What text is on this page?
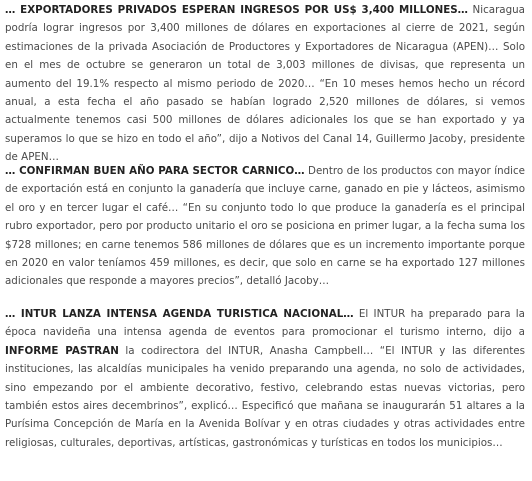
… EXPORTADORES PRIVADOS ESPERAN INGRESOS POR US$ 3,400 MILLONES… Nicaragua podría lograr ingresos por 3,400 millones de dólares en exportaciones al cierre de 2021, según estimaciones de la privada Asociación de Productores y Exportadores de Nicaragua (APEN)… Solo en el mes de octubre se generaron un total de 3,003 millones de divisas, que representa un aumento del 19.1% respecto al mismo periodo de 2020… “En 10 meses hemos hecho un récord anual, a esta fecha el año pasado se habían logrado 2,520 millones de dólares, si vemos actualmente tenemos casi 500 millones de dólares adicionales los que se han exportado y ya superamos lo que se hizo en todo el año”, dijo a Notivos del Canal 14, Guillermo Jacoby, presidente de APEN…

… CONFIRMAN BUEN AÑO PARA SECTOR CARNICO… Dentro de los productos con mayor índice de exportación está en conjunto la ganadería que incluye carne, ganado en pie y lácteos, asimismo el oro y en tercer lugar el café… “En su conjunto todo lo que produce la ganadería es el principal rubro exportador, pero por producto unitario el oro se posiciona en primer lugar, a la fecha suma los $728 millones; en carne tenemos 586 millones de dólares que es un incremento importante porque en 2020 en valor teníamos 459 millones, es decir, que solo en carne se ha exportado 127 millones adicionales que responde a mayores precios”, detalló Jacoby…

… INTUR LANZA INTENSA AGENDA TURISTICA NACIONAL… El INTUR ha preparado para la época navideña una intensa agenda de eventos para promocionar el turismo interno, dijo a INFORME PASTRAN la codirectora del INTUR, Anasha Campbell… “El INTUR y las diferentes instituciones, las alcaldías municipales ha venido preparando una agenda, no solo de actividades, sino empezando por el ambiente decorativo, festivo, celebrando estas nuevas victorias, pero también estos aires decembrinos”, explicó… Especificó que mañana se inaugurarán 51 altares a la Purísima Concepción de María en la Avenida Bolívar y en otras ciudades y otras actividades entre religiosas, culturales, deportivas, artísticas, gastronómicas y turísticas en todos los municipios…
